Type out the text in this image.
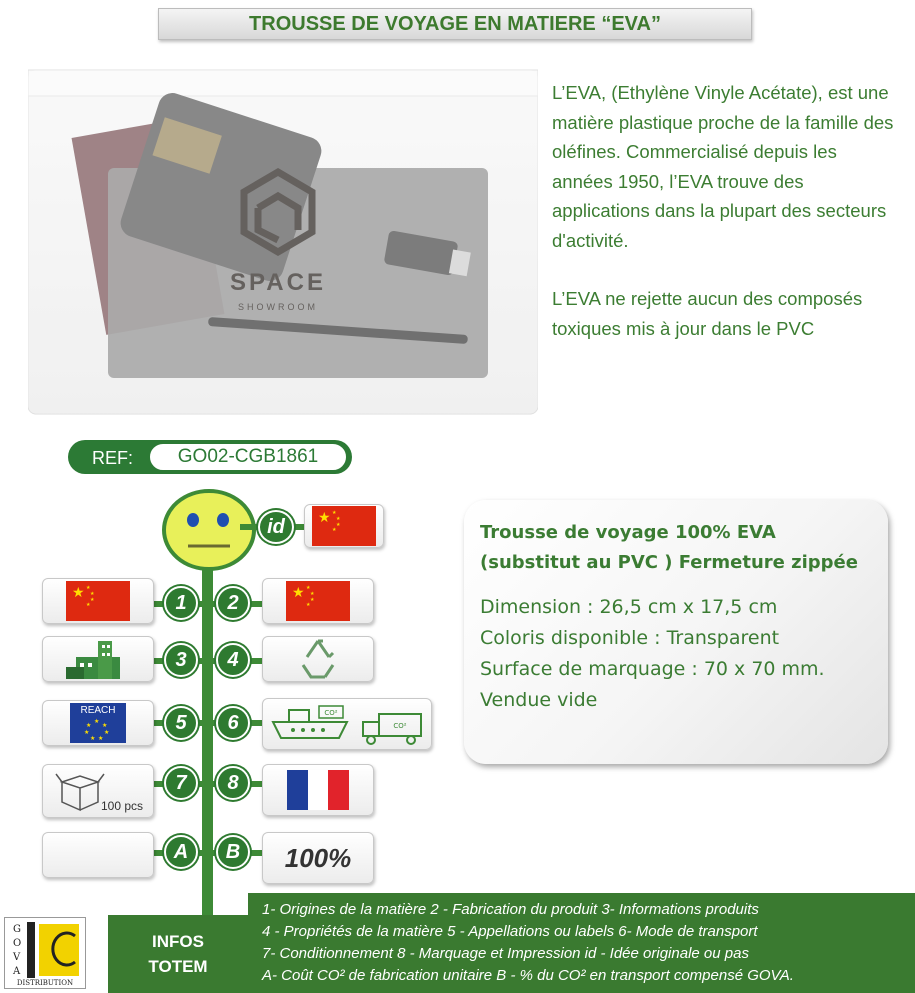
TROUSSE DE VOYAGE EN MATIERE “EVA”
SPACE
SHOWROOM

L’EVA, (Ethylène Vinyle Acétate), est une matière plastique proche de la famille des oléfines. Commercialisé depuis les années 1950, l’EVA trouve des applications dans la plupart des secteurs d'activité.

L’EVA ne rejette aucun des composés toxiques mis à jour dans le PVC

REF:	GO02-CGB1861
id ★ ★
★
★
★
★ ★
★
★
★	1 2	★ ★
★
★
★
3 4
REACH
★
★
★
★
★
★
★	5 6	CO²
CO²
100 pcs
7 8
A B 100%
Trousse de voyage 100% EVA
(substitut au PVC ) Fermeture zippée
Dimension : 26,5 cm x 17,5 cm
Coloris disponible : Transparent
Surface de marquage : 70 x 70 mm.
Vendue vide
G
O
V
A
DISTRIBUTION
INFOS
TOTEM
1- Origines de la matière 2 - Fabrication du produit 3- Informations produits
4 - Propriétés de la matière 5 - Appellations ou labels 6- Mode de transport
7- Conditionnement 8 - Marquage et Impression id - Idée originale ou pas
A- Coût CO² de fabrication unitaire B - % du CO² en transport compensé GOVA.
